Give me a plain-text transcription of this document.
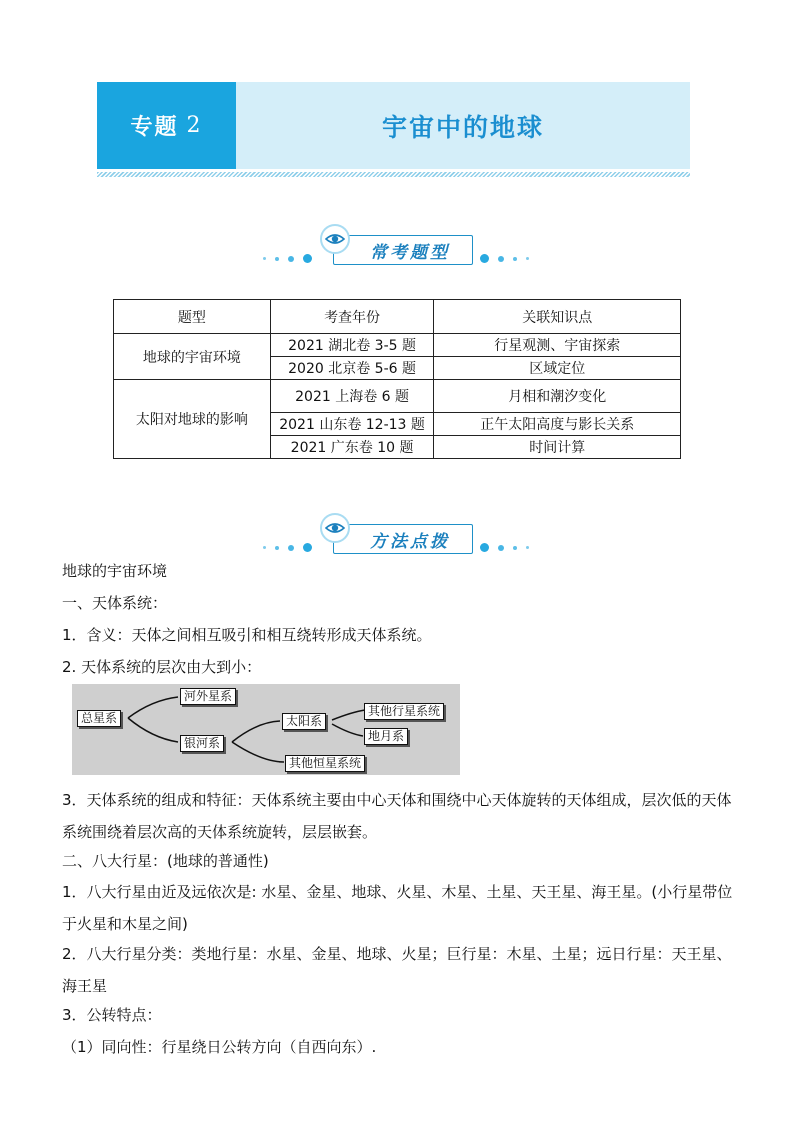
专题 2	宇宙中的地球
常考题型
题型	考查年份	关联知识点
地球的宇宙环境	2021 湖北卷 3-5 题	行星观测、宇宙探索
	2020 北京卷 5-6 题	区域定位
太阳对地球的影响	2021 上海卷 6 题	月相和潮汐变化
	2021 山东卷 12-13 题	正午太阳高度与影长关系
	2021 广东卷 10 题	时间计算
方法点拨
地球的宇宙环境
一、天体系统：
1．含义：天体之间相互吸引和相互绕转形成天体系统。
2. 天体系统的层次由大到小：
总星系
河外星系
银河系
太阳系
其他行星系统
地月系
其他恒星系统
3．天体系统的组成和特征：天体系统主要由中心天体和围绕中心天体旋转的天体组成，层次低的天体系统围绕着层次高的天体系统旋转，层层嵌套。
二、八大行星：(地球的普通性)
1．八大行星由近及远依次是: 水星、金星、地球、火星、木星、土星、天王星、海王星。(小行星带位于火星和木星之间)
2．八大行星分类：类地行星：水星、金星、地球、火星；巨行星：木星、土星；远日行星：天王星、海王星
3．公转特点：
（1）同向性：行星绕日公转方向（自西向东）.
